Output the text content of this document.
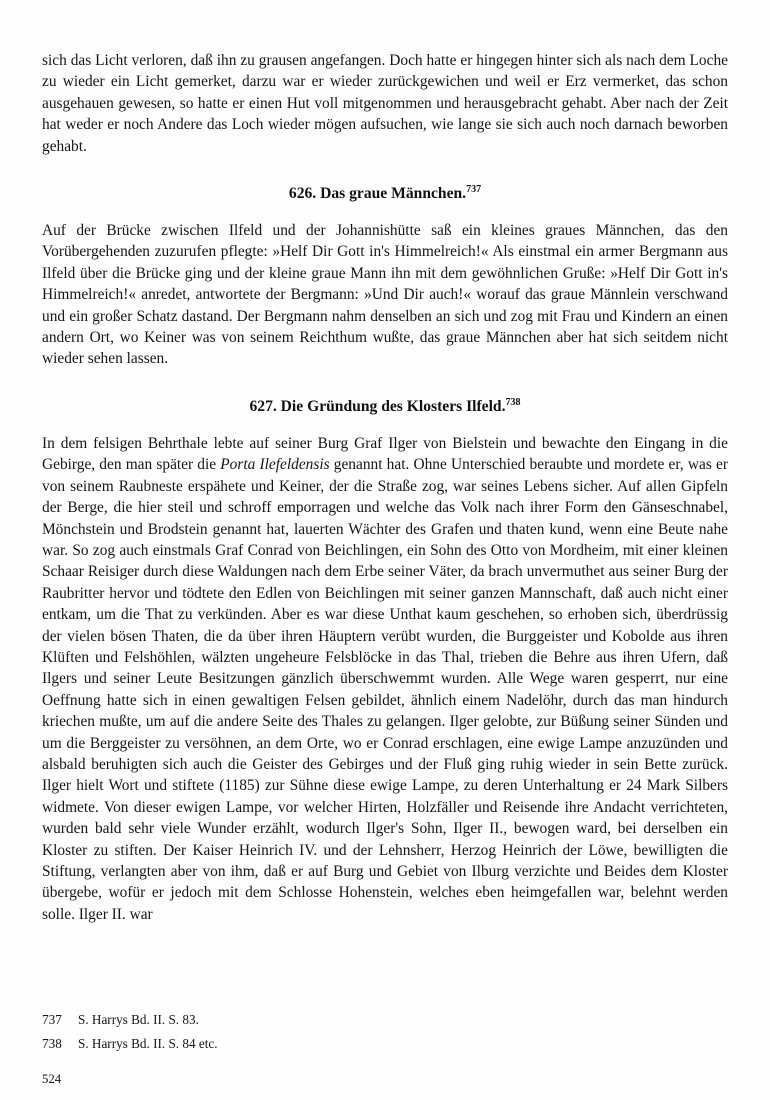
sich das Licht verloren, daß ihn zu grausen angefangen. Doch hatte er hingegen hinter sich als nach dem Loche zu wieder ein Licht gemerket, darzu war er wieder zurückgewichen und weil er Erz vermerket, das schon ausgehauen gewesen, so hatte er einen Hut voll mitgenommen und herausgebracht gehabt. Aber nach der Zeit hat weder er noch Andere das Loch wieder mögen aufsuchen, wie lange sie sich auch noch darnach beworben gehabt.

626. Das graue Männchen.$^{737}$

Auf der Brücke zwischen Ilfeld und der Johannishütte saß ein kleines graues Männchen, das den Vorübergehenden zuzurufen pflegte: »Helf Dir Gott in's Himmelreich!« Als einstmal ein armer Bergmann aus Ilfeld über die Brücke ging und der kleine graue Mann ihn mit dem gewöhnlichen Gruße: »Helf Dir Gott in's Himmelreich!« anredet, antwortete der Bergmann: »Und Dir auch!« worauf das graue Männlein verschwand und ein großer Schatz dastand. Der Bergmann nahm denselben an sich und zog mit Frau und Kindern an einen andern Ort, wo Keiner was von seinem Reichthum wußte, das graue Männchen aber hat sich seitdem nicht wieder sehen lassen.

627. Die Gründung des Klosters Ilfeld.$^{738}$

In dem felsigen Behrthale lebte auf seiner Burg Graf Ilger von Bielstein und bewachte den Eingang in die Gebirge, den man später die Porta Ilefeldensis genannt hat. Ohne Unterschied beraubte und mordete er, was er von seinem Raubneste erspähete und Keiner, der die Straße zog, war seines Lebens sicher. Auf allen Gipfeln der Berge, die hier steil und schroff emporragen und welche das Volk nach ihrer Form den Gänseschnabel, Mönchstein und Brodstein genannt hat, lauerten Wächter des Grafen und thaten kund, wenn eine Beute nahe war. So zog auch einstmals Graf Conrad von Beichlingen, ein Sohn des Otto von Mordheim, mit einer kleinen Schaar Reisiger durch diese Waldungen nach dem Erbe seiner Väter, da brach unvermuthet aus seiner Burg der Raubritter hervor und tödtete den Edlen von Beichlingen mit seiner ganzen Mannschaft, daß auch nicht einer entkam, um die That zu verkünden. Aber es war diese Unthat kaum geschehen, so erhoben sich, überdrüssig der vielen bösen Thaten, die da über ihren Häuptern verübt wurden, die Burggeister und Kobolde aus ihren Klüften und Felshöhlen, wälzten ungeheure Felsblöcke in das Thal, trieben die Behre aus ihren Ufern, daß Ilgers und seiner Leute Besitzungen gänzlich überschwemmt wurden. Alle Wege waren gesperrt, nur eine Oeffnung hatte sich in einen gewaltigen Felsen gebildet, ähnlich einem Nadelöhr, durch das man hindurch kriechen mußte, um auf die andere Seite des Thales zu gelangen. Ilger gelobte, zur Büßung seiner Sünden und um die Berggeister zu versöhnen, an dem Orte, wo er Conrad erschlagen, eine ewige Lampe anzuzünden und alsbald beruhigten sich auch die Geister des Gebirges und der Fluß ging ruhig wieder in sein Bette zurück. Ilger hielt Wort und stiftete (1185) zur Sühne diese ewige Lampe, zu deren Unterhaltung er 24 Mark Silbers widmete. Von dieser ewigen Lampe, vor welcher Hirten, Holzfäller und Reisende ihre Andacht verrichteten, wurden bald sehr viele Wunder erzählt, wodurch Ilger's Sohn, Ilger II., bewogen ward, bei derselben ein Kloster zu stiften. Der Kaiser Heinrich IV. und der Lehnsherr, Herzog Heinrich der Löwe, bewilligten die Stiftung, verlangten aber von ihm, daß er auf Burg und Gebiet von Ilburg verzichte und Beides dem Kloster übergebe, wofür er jedoch mit dem Schlosse Hohenstein, welches eben heimgefallen war, belehnt werden solle. Ilger II. war

737 S. Harrys Bd. II. S. 83.
738 S. Harrys Bd. II. S. 84 etc.
524
